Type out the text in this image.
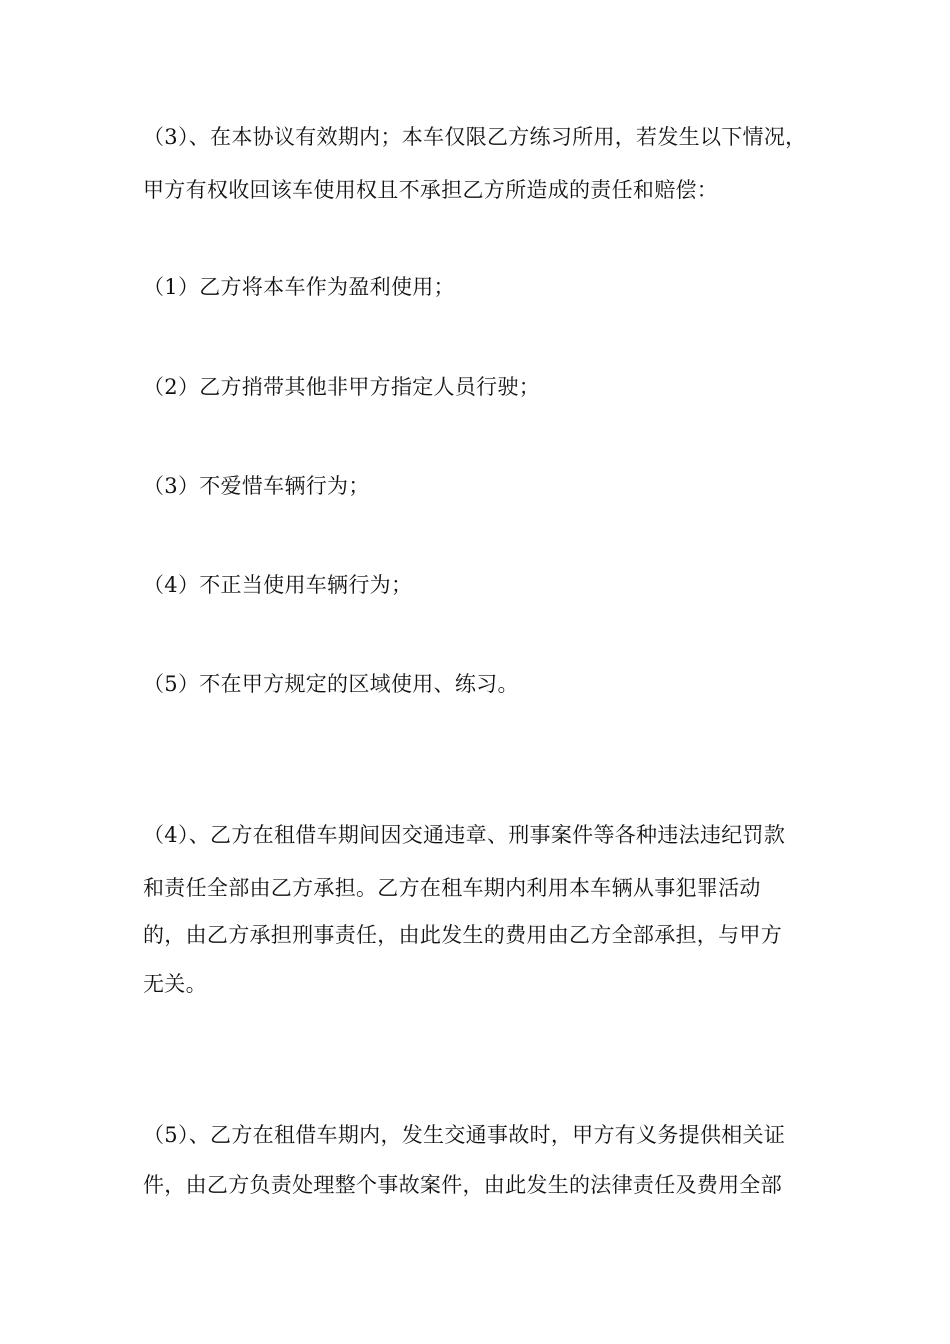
（3）、在本协议有效期内；本车仅限乙方练习所用，若发生以下情况，
甲方有权收回该车使用权且不承担乙方所造成的责任和赔偿：
（1）乙方将本车作为盈利使用；
（2）乙方捎带其他非甲方指定人员行驶；
（3）不爱惜车辆行为；
（4）不正当使用车辆行为；
（5）不在甲方规定的区域使用、练习。
（4）、乙方在租借车期间因交通违章、刑事案件等各种违法违纪罚款
和责任全部由乙方承担。乙方在租车期内利用本车辆从事犯罪活动
的，由乙方承担刑事责任，由此发生的费用由乙方全部承担，与甲方
无关。
（5）、乙方在租借车期内，发生交通事故时，甲方有义务提供相关证
件，由乙方负责处理整个事故案件，由此发生的法律责任及费用全部
